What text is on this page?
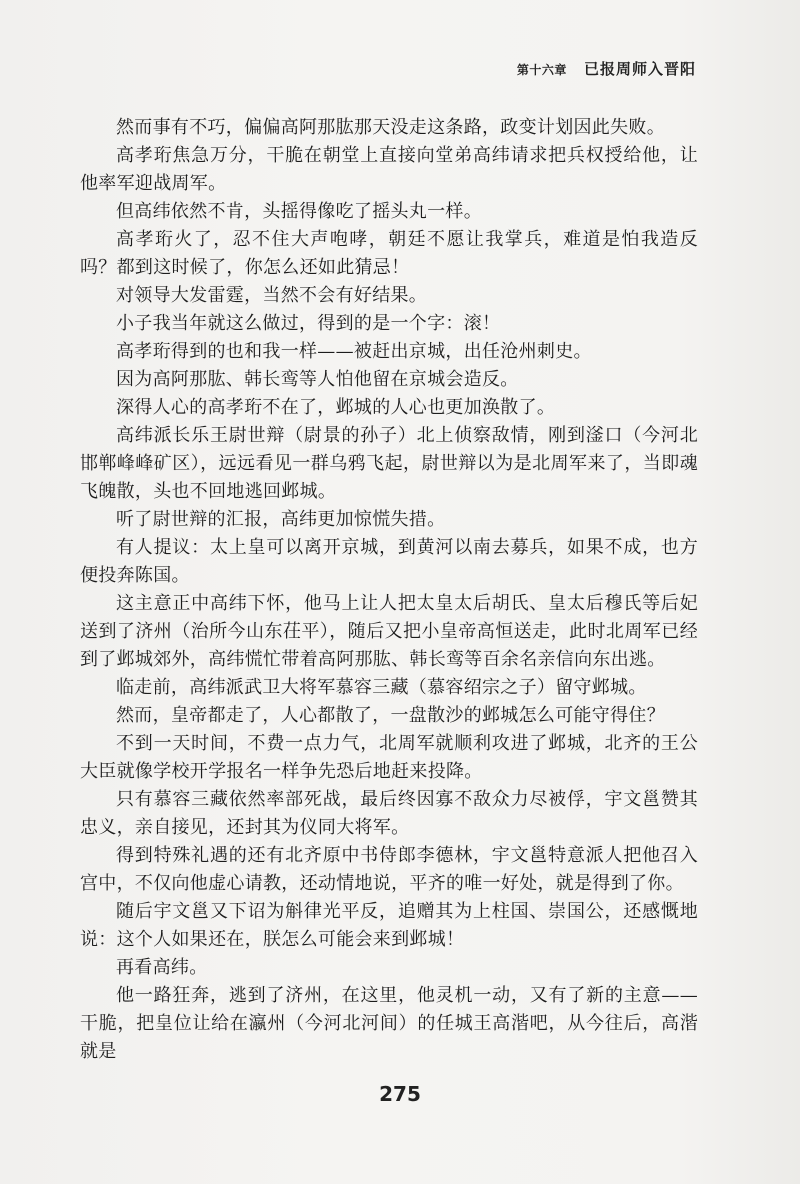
第十六章 已报周师入晋阳

然而事有不巧，偏偏高阿那肱那天没走这条路，政变计划因此失败。

高孝珩焦急万分，干脆在朝堂上直接向堂弟高纬请求把兵权授给他，让他率军迎战周军。

但高纬依然不肯，头摇得像吃了摇头丸一样。

高孝珩火了，忍不住大声咆哮，朝廷不愿让我掌兵，难道是怕我造反吗？都到这时候了，你怎么还如此猜忌！

对领导大发雷霆，当然不会有好结果。

小子我当年就这么做过，得到的是一个字：滚！

高孝珩得到的也和我一样——被赶出京城，出任沧州刺史。

因为高阿那肱、韩长鸾等人怕他留在京城会造反。

深得人心的高孝珩不在了，邺城的人心也更加涣散了。

高纬派长乐王尉世辩（尉景的孙子）北上侦察敌情，刚到滏口（今河北邯郸峰峰矿区），远远看见一群乌鸦飞起，尉世辩以为是北周军来了，当即魂飞魄散，头也不回地逃回邺城。

听了尉世辩的汇报，高纬更加惊慌失措。

有人提议：太上皇可以离开京城，到黄河以南去募兵，如果不成，也方便投奔陈国。

这主意正中高纬下怀，他马上让人把太皇太后胡氏、皇太后穆氏等后妃送到了济州（治所今山东茌平），随后又把小皇帝高恒送走，此时北周军已经到了邺城郊外，高纬慌忙带着高阿那肱、韩长鸾等百余名亲信向东出逃。

临走前，高纬派武卫大将军慕容三藏（慕容绍宗之子）留守邺城。

然而，皇帝都走了，人心都散了，一盘散沙的邺城怎么可能守得住？

不到一天时间，不费一点力气，北周军就顺利攻进了邺城，北齐的王公大臣就像学校开学报名一样争先恐后地赶来投降。

只有慕容三藏依然率部死战，最后终因寡不敌众力尽被俘，宇文邕赞其忠义，亲自接见，还封其为仪同大将军。

得到特殊礼遇的还有北齐原中书侍郎李德林，宇文邕特意派人把他召入宫中，不仅向他虚心请教，还动情地说，平齐的唯一好处，就是得到了你。

随后宇文邕又下诏为斛律光平反，追赠其为上柱国、崇国公，还感慨地说：这个人如果还在，朕怎么可能会来到邺城！

再看高纬。

他一路狂奔，逃到了济州，在这里，他灵机一动，又有了新的主意——干脆，把皇位让给在瀛州（今河北河间）的任城王高湝吧，从今往后，高湝就是

275
